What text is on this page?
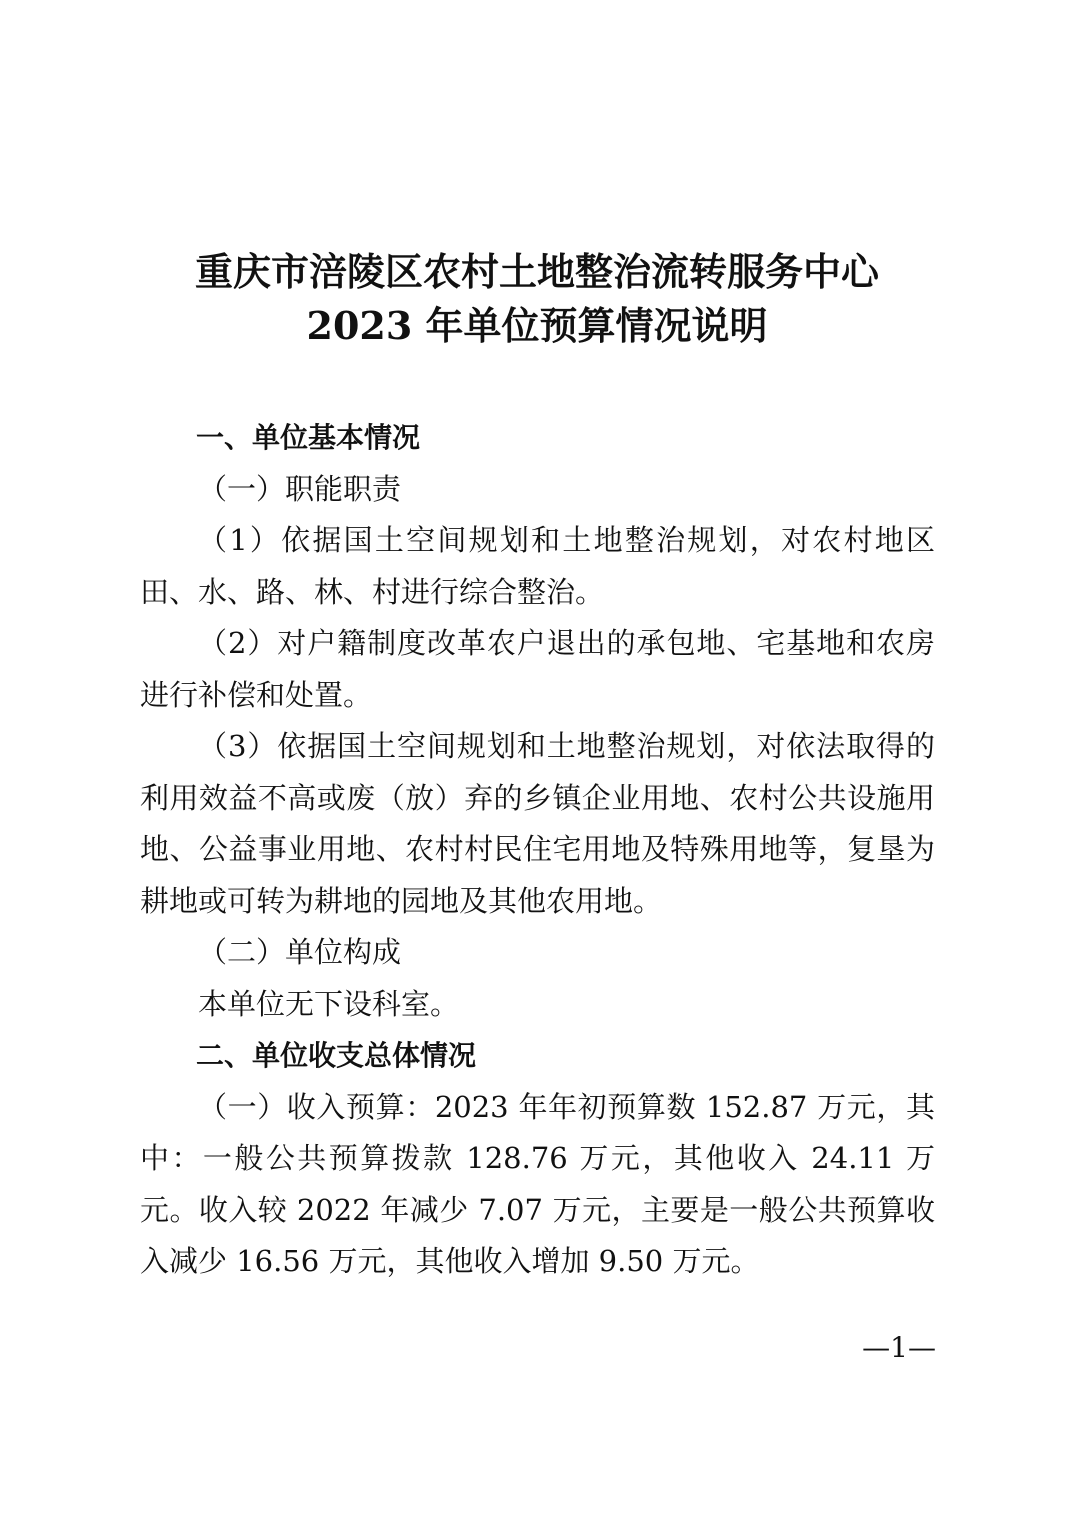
重庆市涪陵区农村土地整治流转服务中心
2023 年单位预算情况说明

一、单位基本情况

（一）职能职责

（1）依据国土空间规划和土地整治规划，对农村地区田、水、路、林、村进行综合整治。

（2）对户籍制度改革农户退出的承包地、宅基地和农房进行补偿和处置。

（3）依据国土空间规划和土地整治规划，对依法取得的利用效益不高或废（放）弃的乡镇企业用地、农村公共设施用地、公益事业用地、农村村民住宅用地及特殊用地等，复垦为耕地或可转为耕地的园地及其他农用地。

（二）单位构成

本单位无下设科室。

二、单位收支总体情况

（一）收入预算：2023 年年初预算数 152.87 万元，其中：一般公共预算拨款 128.76 万元，其他收入 24.11 万元。收入较 2022 年减少 7.07 万元，主要是一般公共预算收入减少 16.56 万元，其他收入增加 9.50 万元。

—1—
